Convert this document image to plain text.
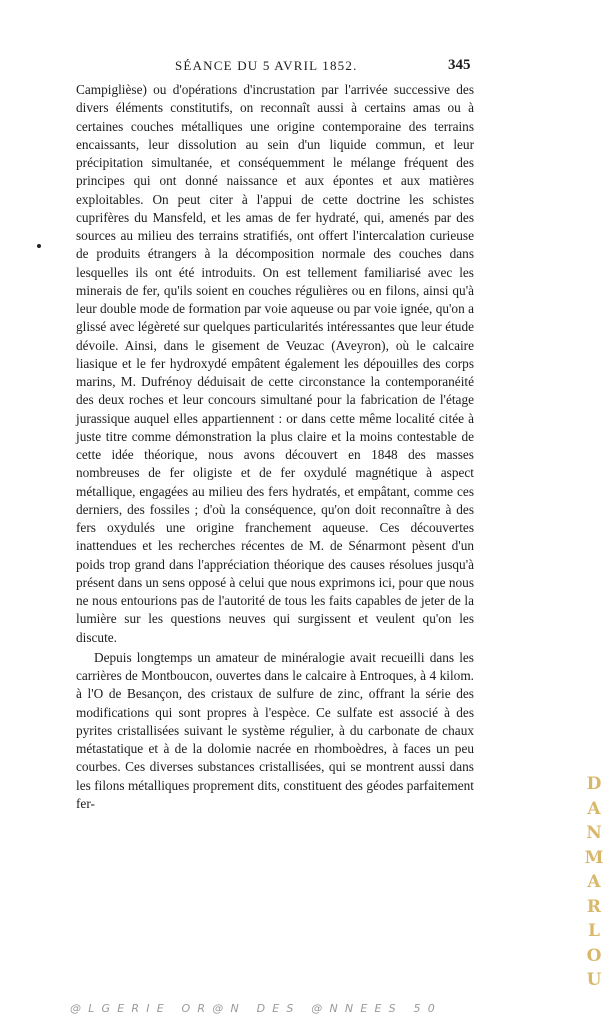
SÉANCE DU 5 AVRIL 1852.	345

Campiglièse) ou d'opérations d'incrustation par l'arrivée successive des divers éléments constitutifs, on reconnaît aussi à certains amas ou à certaines couches métalliques une origine contemporaine des terrains encaissants, leur dissolution au sein d'un liquide commun, et leur précipitation simultanée, et conséquemment le mélange fréquent des principes qui ont donné naissance et aux épontes et aux matières exploitables. On peut citer à l'appui de cette doctrine les schistes cuprifères du Mansfeld, et les amas de fer hydraté, qui, amenés par des sources au milieu des terrains stratifiés, ont offert l'intercalation curieuse de produits étrangers à la décomposition normale des couches dans lesquelles ils ont été introduits. On est tellement familiarisé avec les minerais de fer, qu'ils soient en couches régulières ou en filons, ainsi qu'à leur double mode de formation par voie aqueuse ou par voie ignée, qu'on a glissé avec légèreté sur quelques particularités intéressantes que leur étude dévoile. Ainsi, dans le gisement de Veuzac (Aveyron), où le calcaire liasique et le fer hydroxydé empâtent également les dépouilles des corps marins, M. Dufrénoy déduisait de cette circonstance la contemporanéité des deux roches et leur concours simultané pour la fabrication de l'étage jurassique auquel elles appartiennent : or dans cette même localité citée à juste titre comme démonstration la plus claire et la moins contestable de cette idée théorique, nous avons découvert en 1848 des masses nombreuses de fer oligiste et de fer oxydulé magnétique à aspect métallique, engagées au milieu des fers hydratés, et empâtant, comme ces derniers, des fossiles ; d'où la conséquence, qu'on doit reconnaître à des fers oxydulés une origine franchement aqueuse. Ces découvertes inattendues et les recherches récentes de M. de Sénarmont pèsent d'un poids trop grand dans l'appréciation théorique des causes résolues jusqu'à présent dans un sens opposé à celui que nous exprimons ici, pour que nous ne nous entourions pas de l'autorité de tous les faits capables de jeter de la lumière sur les questions neuves qui surgissent et veulent qu'on les discute.

Depuis longtemps un amateur de minéralogie avait recueilli dans les carrières de Montboucon, ouvertes dans le calcaire à Entroques, à 4 kilom. à l'O de Besançon, des cristaux de sulfure de zinc, offrant la série des modifications qui sont propres à l'espèce. Ce sulfate est associé à des pyrites cristallisées suivant le système régulier, à du carbonate de chaux métastatique et à de la dolomie nacrée en rhomboèdres, à faces un peu courbes. Ces diverses substances cristallisées, qui se montrent aussi dans les filons métalliques proprement dits, constituent des géodes parfaitement fer-

DANMARLOU
@LGERIE OR@N DES @NNEES 50
